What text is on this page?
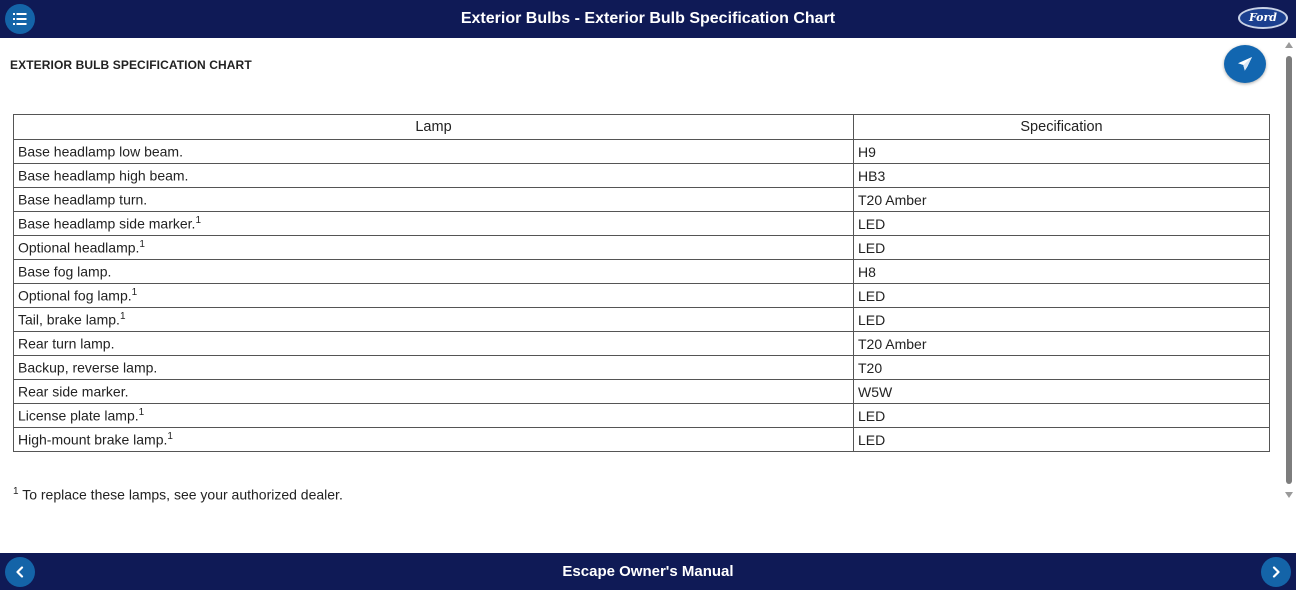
Exterior Bulbs - Exterior Bulb Specification Chart	Ford
EXTERIOR BULB SPECIFICATION CHART
Lamp	Specification
Base headlamp low beam.	H9
Base headlamp high beam.	HB3
Base headlamp turn.	T20 Amber
Base headlamp side marker.$^1$	LED
Optional headlamp.$^1$	LED
Base fog lamp.	H8
Optional fog lamp.$^1$	LED
Tail, brake lamp.$^1$	LED
Rear turn lamp.	T20 Amber
Backup, reverse lamp.	T20
Rear side marker.	W5W
License plate lamp.$^1$	LED
High-mount brake lamp.$^1$	LED
$^1$ To replace these lamps, see your authorized dealer.
Escape Owner's Manual
